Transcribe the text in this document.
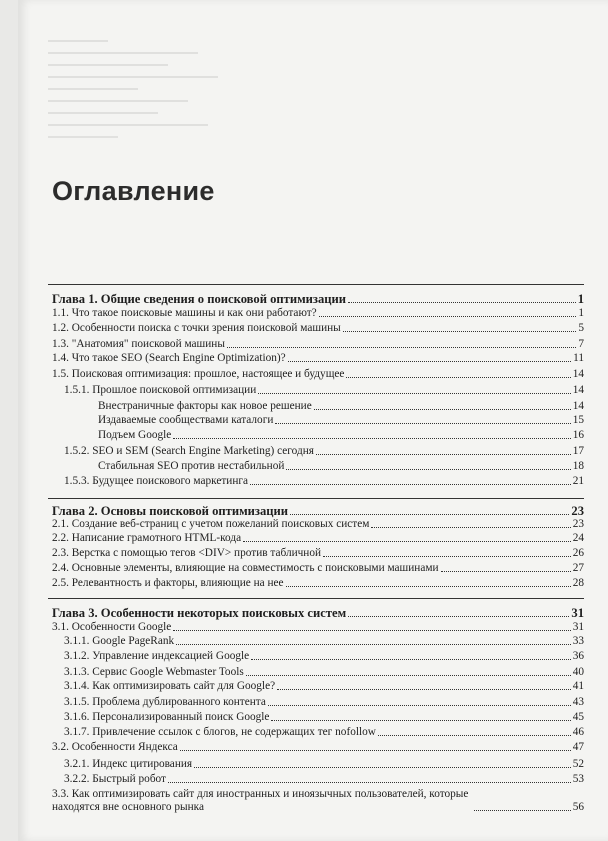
Оглавление
Глава 1. Общие сведения о поисковой оптимизации	1
1.1. Что такое поисковые машины и как они работают?	1
1.2. Особенности поиска с точки зрения поисковой машины	5
1.3. "Анатомия" поисковой машины	7
1.4. Что такое SEO (Search Engine Optimization)?	11
1.5. Поисковая оптимизация: прошлое, настоящее и будущее	14
1.5.1. Прошлое поисковой оптимизации	14
Внестраничные факторы как новое решение	14
Издаваемые сообществами каталоги	15
Подъем Google	16
1.5.2. SEO и SEM (Search Engine Marketing) сегодня	17
Стабильная SEO против нестабильной	18
1.5.3. Будущее поискового маркетинга	21
Глава 2. Основы поисковой оптимизации	23
2.1. Создание веб-страниц с учетом пожеланий поисковых систем	23
2.2. Написание грамотного HTML-кода	24
2.3. Верстка с помощью тегов <DIV> против табличной	26
2.4. Основные элементы, влияющие на совместимость с поисковыми машинами	27
2.5. Релевантность и факторы, влияющие на нее	28
Глава 3. Особенности некоторых поисковых систем	31
3.1. Особенности Google	31
3.1.1. Google PageRank	33
3.1.2. Управление индексацией Google	36
3.1.3. Сервис Google Webmaster Tools	40
3.1.4. Как оптимизировать сайт для Google?	41
3.1.5. Проблема дублированного контента	43
3.1.6. Персонализированный поиск Google	45
3.1.7. Привлечение ссылок с блогов, не содержащих тег nofollow	46
3.2. Особенности Яндекса	47
3.2.1. Индекс цитирования	52
3.2.2. Быстрый робот	53
3.3. Как оптимизировать сайт для иностранных и иноязычных пользователей, которые находятся вне основного рынка	56
